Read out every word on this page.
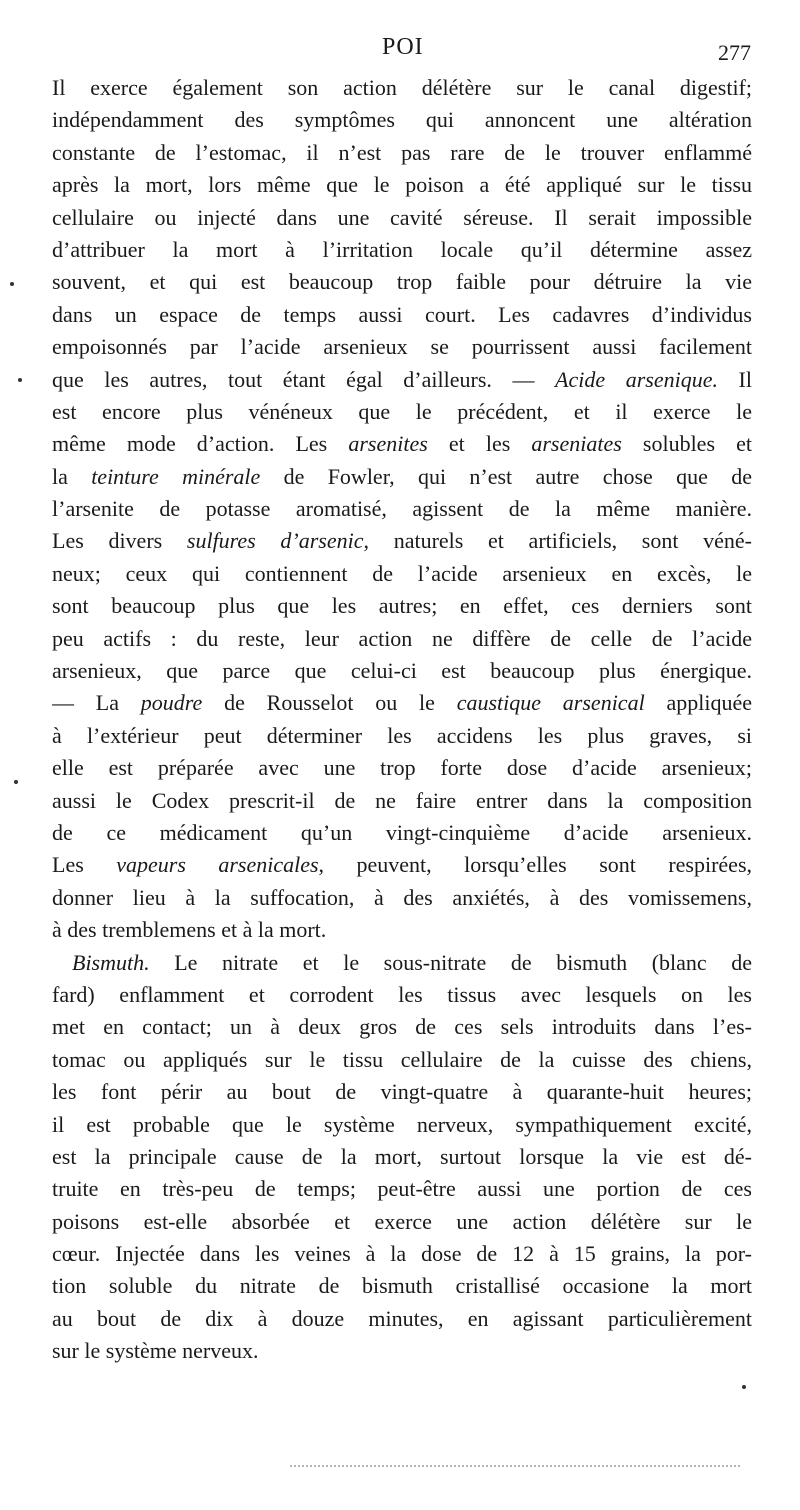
POI	277
Il exerce également son action délétère sur le canal digestif;
indépendamment des symptômes qui annoncent une altération
constante de l’estomac, il n’est pas rare de le trouver enflammé
après la mort, lors même que le poison a été appliqué sur le tissu
cellulaire ou injecté dans une cavité séreuse. Il serait impossible
d’attribuer la mort à l’irritation locale qu’il détermine assez
souvent, et qui est beaucoup trop faible pour détruire la vie
dans un espace de temps aussi court. Les cadavres d’individus
empoisonnés par l’acide arsenieux se pourrissent aussi facilement
que les autres, tout étant égal d’ailleurs. — Acide arsenique. Il
est encore plus vénéneux que le précédent, et il exerce le
même mode d’action. Les arsenites et les arseniates solubles et
la teinture minérale de Fowler, qui n’est autre chose que de
l’arsenite de potasse aromatisé, agissent de la même manière.
Les divers sulfures d’arsenic, naturels et artificiels, sont véné-
neux; ceux qui contiennent de l’acide arsenieux en excès, le
sont beaucoup plus que les autres; en effet, ces derniers sont
peu actifs : du reste, leur action ne diffère de celle de l’acide
arsenieux, que parce que celui-ci est beaucoup plus énergique.
— La poudre de Rousselot ou le caustique arsenical appliquée
à l’extérieur peut déterminer les accidens les plus graves, si
elle est préparée avec une trop forte dose d’acide arsenieux;
aussi le Codex prescrit-il de ne faire entrer dans la composition
de ce médicament qu’un vingt-cinquième d’acide arsenieux.
Les vapeurs arsenicales, peuvent, lorsqu’elles sont respirées,
donner lieu à la suffocation, à des anxiétés, à des vomissemens,
à des tremblemens et à la mort.
Bismuth. Le nitrate et le sous-nitrate de bismuth (blanc de
fard) enflamment et corrodent les tissus avec lesquels on les
met en contact; un à deux gros de ces sels introduits dans l’es-
tomac ou appliqués sur le tissu cellulaire de la cuisse des chiens,
les font périr au bout de vingt-quatre à quarante-huit heures;
il est probable que le système nerveux, sympathiquement excité,
est la principale cause de la mort, surtout lorsque la vie est dé-
truite en très-peu de temps; peut-être aussi une portion de ces
poisons est-elle absorbée et exerce une action délétère sur le
cœur. Injectée dans les veines à la dose de 12 à 15 grains, la por-
tion soluble du nitrate de bismuth cristallisé occasione la mort
au bout de dix à douze minutes, en agissant particulièrement
sur le système nerveux.
